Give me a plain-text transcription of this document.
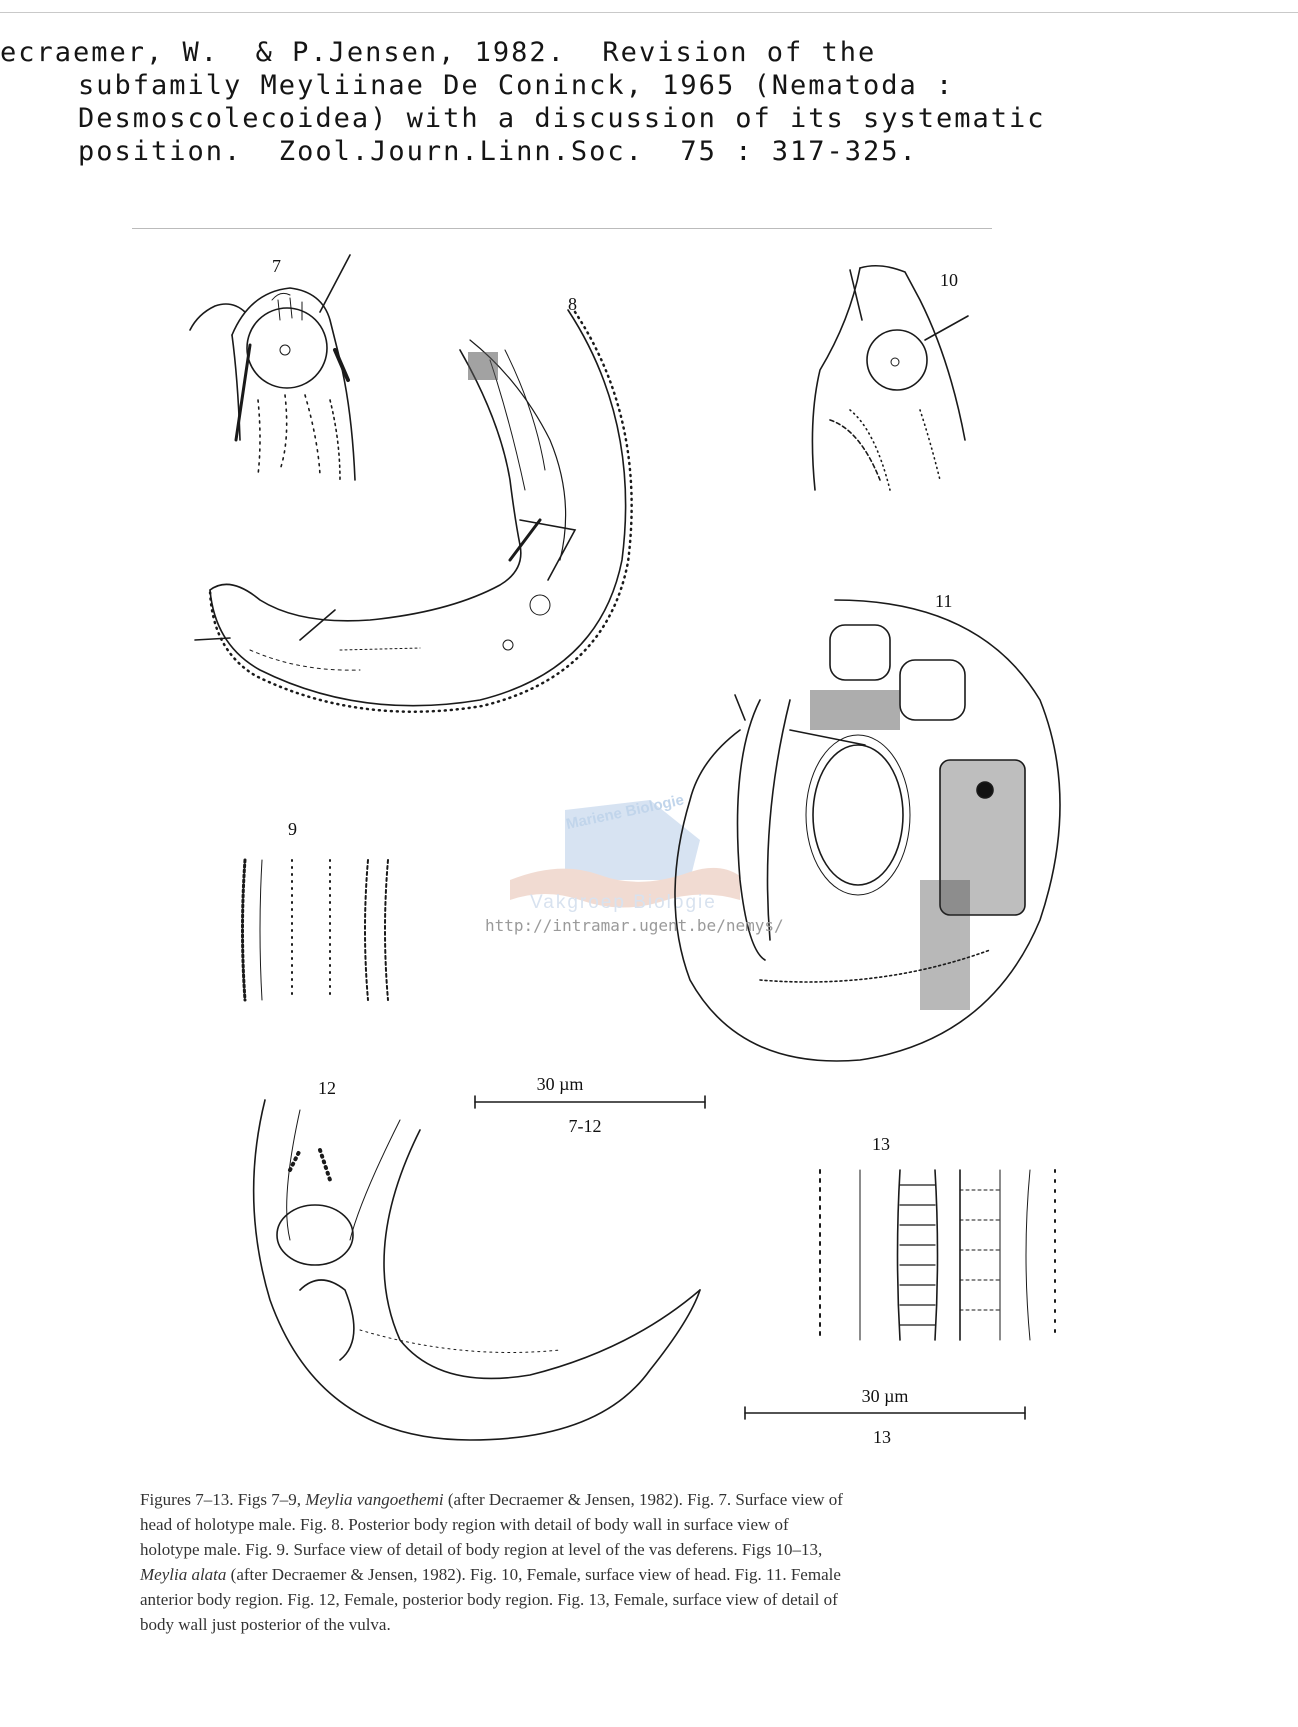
ecraemer, W.  & P.Jensen, 1982.  Revision of the
subfamily Meyliinae De Coninck, 1965 (Nematoda :
Desmoscolecoidea) with a discussion of its systematic
position.  Zool.Journ.Linn.Soc.  75 : 317-325.
Mariene Biologie
Vakgroep Biologie
7
8
9
10
11
12
13
30 µm
7-12
30 µm
13
http://intramar.ugent.be/nemys/
Figures 7–13. Figs 7–9, Meylia vangoethemi (after Decraemer & Jensen, 1982). Fig. 7. Surface view of
head of holotype male. Fig. 8. Posterior body region with detail of body wall in surface view of
holotype male. Fig. 9. Surface view of detail of body region at level of the vas deferens. Figs 10–13,
Meylia alata (after Decraemer & Jensen, 1982). Fig. 10, Female, surface view of head. Fig. 11. Female
anterior body region. Fig. 12, Female, posterior body region. Fig. 13, Female, surface view of detail of
body wall just posterior of the vulva.
